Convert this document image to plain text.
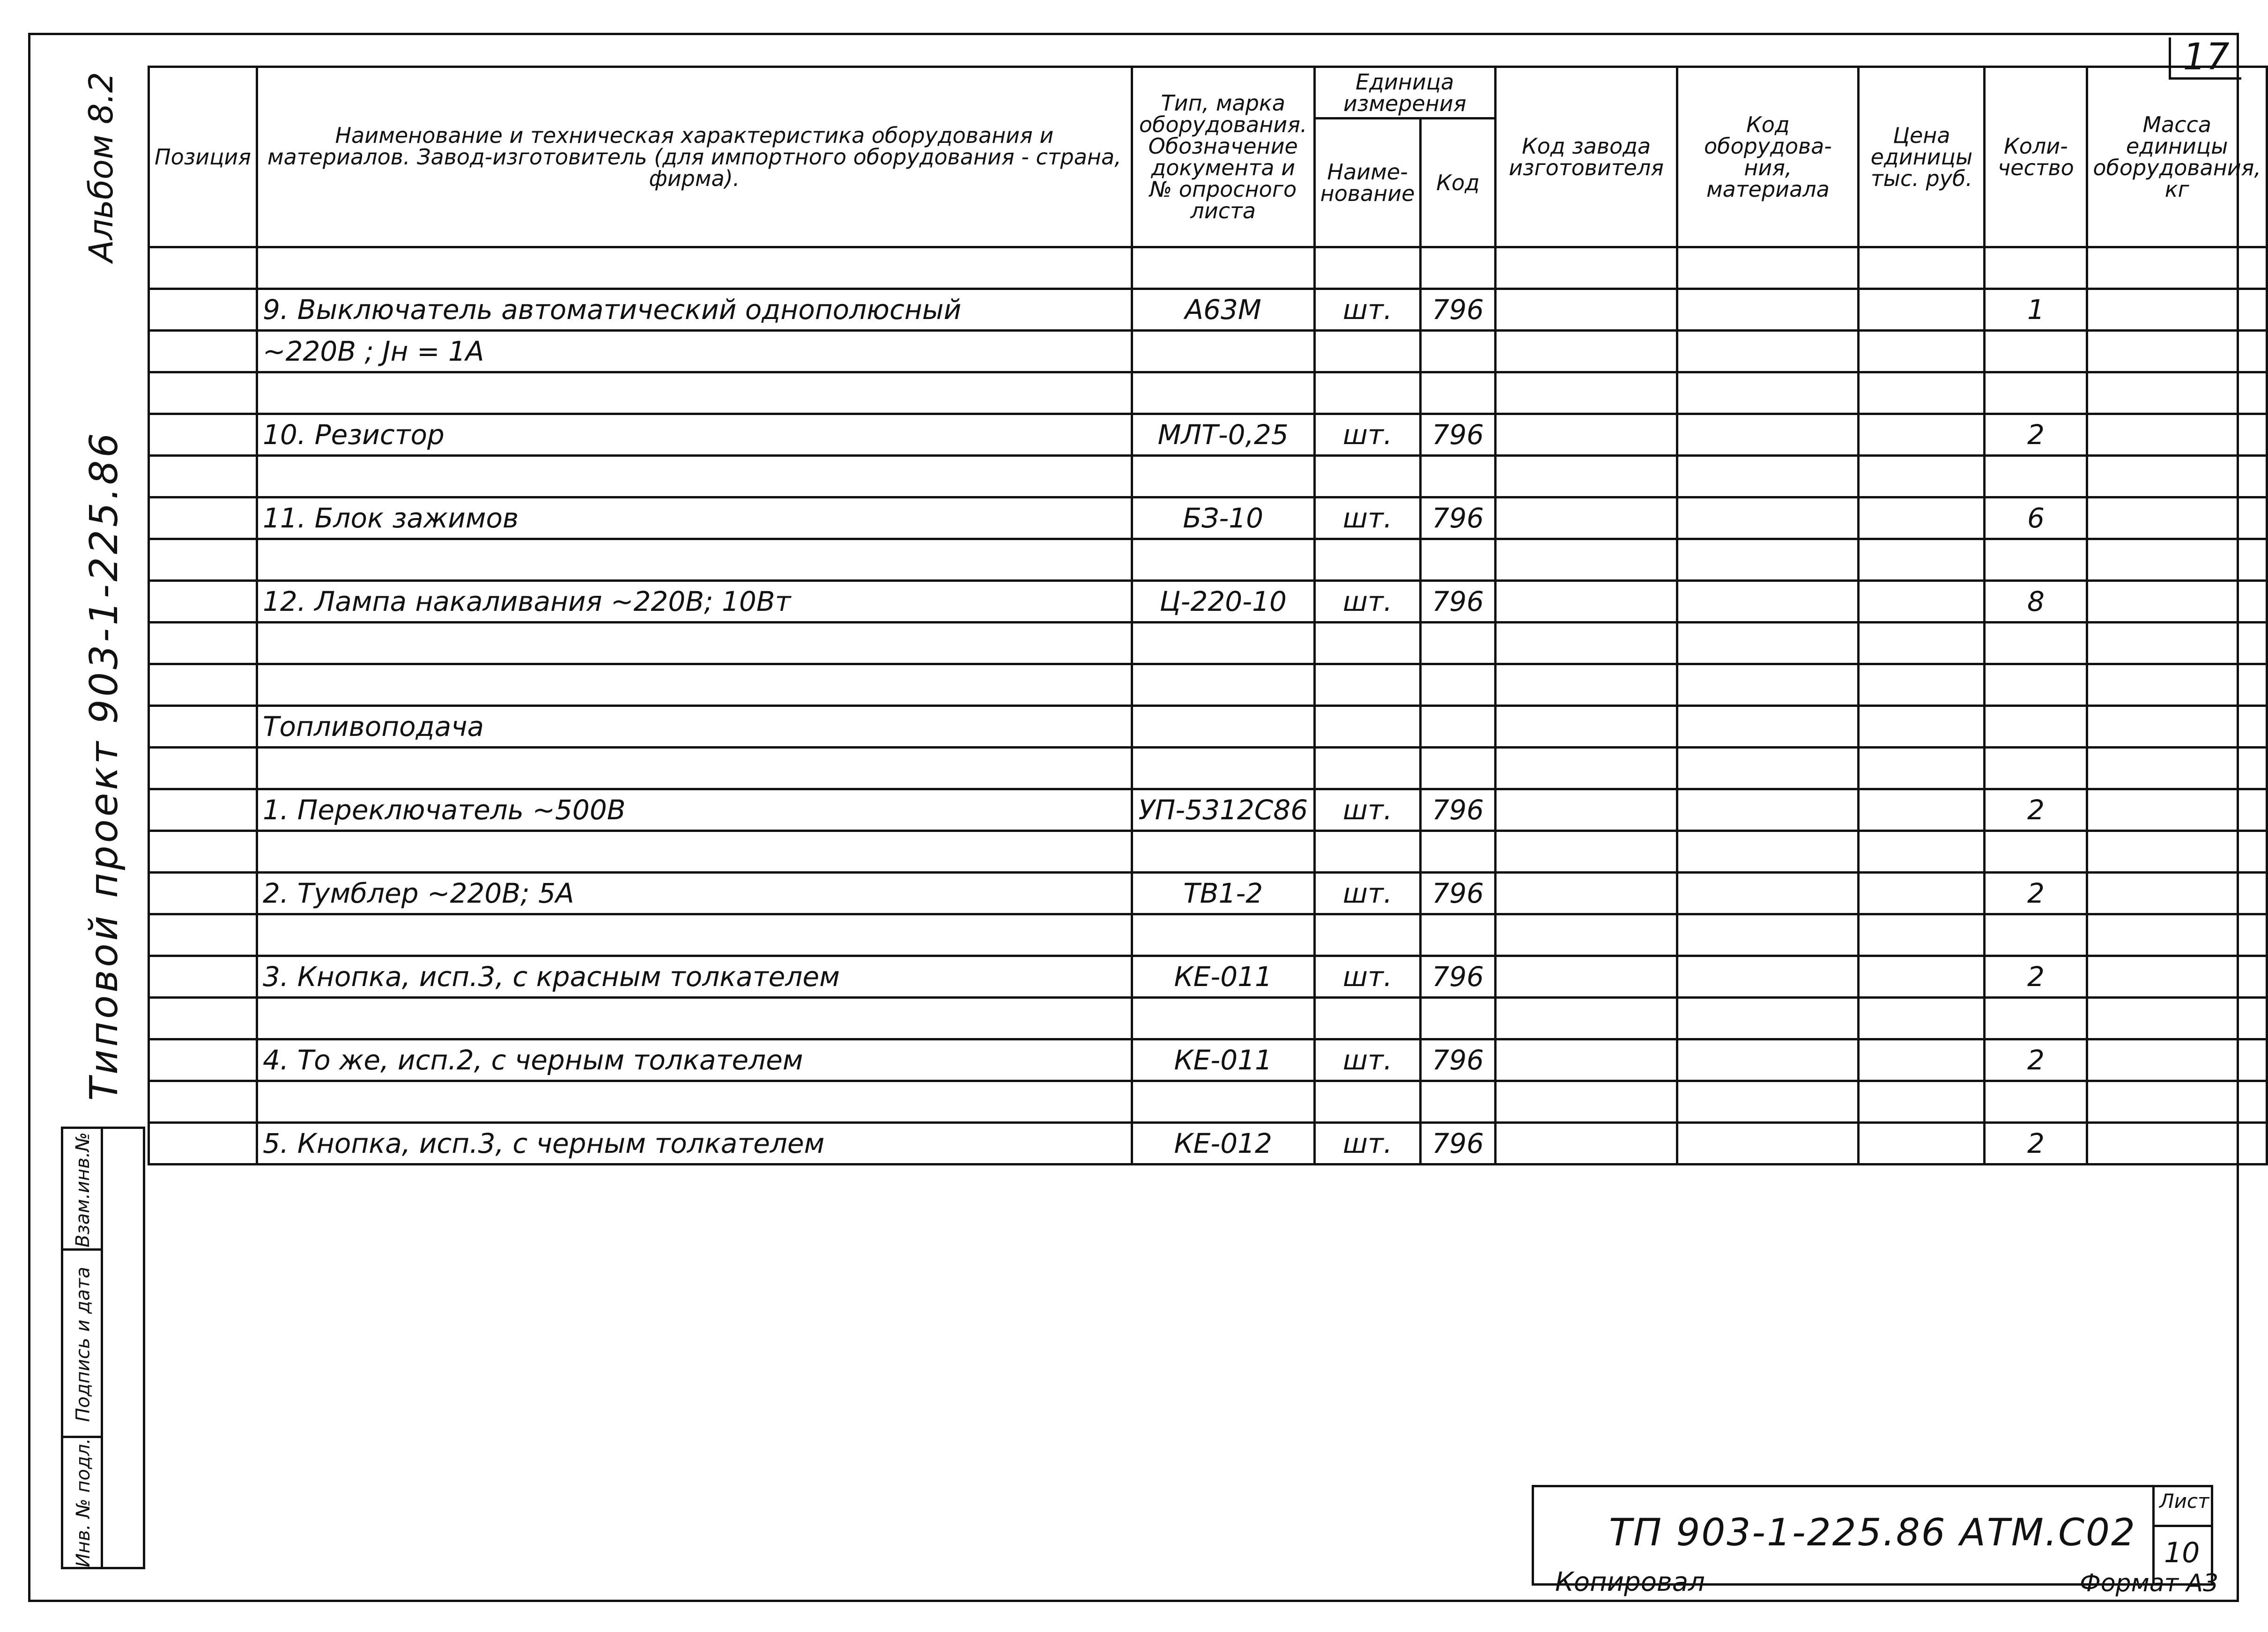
17
Альбом 8.2
Типовой проект 903-1-225.86
Взам.инв.№
Подпись и дата
Инв. № подл.
Позиция	Наименование и техническая характеристика оборудования и материалов. Завод-изготовитель (для импортного оборудования - страна, фирма).	Тип, марка оборудования. Обозначение документа и № опросного листа	Единица измерения		Код завода изготовителя	Код оборудова-ния, материала	Цена единицы тыс. руб.	Коли-чество	Масса единицы оборудования, кг
			Наиме-нование	Код					

	9. Выключатель автоматический однополюсный	А63М	шт.	796				1	
	~220В ; Jн = 1А								

	10. Резистор	МЛТ-0,25	шт.	796				2	

	11. Блок зажимов	БЗ-10	шт.	796				6	

	12. Лампа накаливания ~220В; 10Вт	Ц-220-10	шт.	796				8	

	Топливоподача								

	1. Переключатель ~500В	УП-5312С86	шт.	796				2	

	2. Тумблер ~220В; 5А	ТВ1-2	шт.	796				2	

	3. Кнопка, исп.3, с красным толкателем	КЕ-011	шт.	796				2	

	4. То же, исп.2, с черным толкателем	КЕ-011	шт.	796				2	

	5. Кнопка, исп.3, с черным толкателем	КЕ-012	шт.	796				2	
ТП 903-1-225.86 АТМ.С02
Лист
10
Копировал	Формат А3
